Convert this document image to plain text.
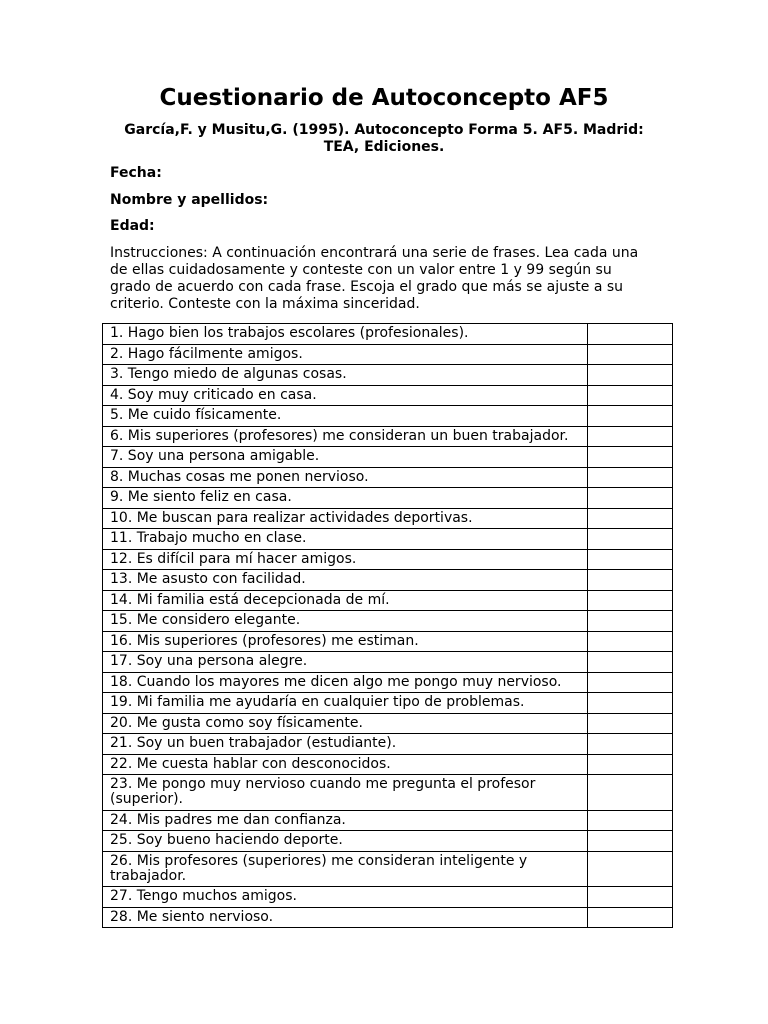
Cuestionario de Autoconcepto AF5
García,F. y Musitu,G. (1995). Autoconcepto Forma 5. AF5. Madrid: TEA, Ediciones.
Fecha:
Nombre y apellidos:
Edad:
Instrucciones: A continuación encontrará una serie de frases. Lea cada una de ellas cuidadosamente y conteste con un valor entre 1 y 99 según su grado de acuerdo con cada frase. Escoja el grado que más se ajuste a su criterio. Conteste con la máxima sinceridad.
1. Hago bien los trabajos escolares (profesionales).	
2. Hago fácilmente amigos.	
3. Tengo miedo de algunas cosas.	
4. Soy muy criticado en casa.	
5. Me cuido físicamente.	
6. Mis superiores (profesores) me consideran un buen trabajador.	
7. Soy una persona amigable.	
8. Muchas cosas me ponen nervioso.	
9. Me siento feliz en casa.	
10. Me buscan para realizar actividades deportivas.	
11. Trabajo mucho en clase.	
12. Es difícil para mí hacer amigos.	
13. Me asusto con facilidad.	
14. Mi familia está decepcionada de mí.	
15. Me considero elegante.	
16. Mis superiores (profesores) me estiman.	
17. Soy una persona alegre.	
18. Cuando los mayores me dicen algo me pongo muy nervioso.	
19. Mi familia me ayudaría en cualquier tipo de problemas.	
20. Me gusta como soy físicamente.	
21. Soy un buen trabajador (estudiante).	
22. Me cuesta hablar con desconocidos.	
23. Me pongo muy nervioso cuando me pregunta el profesor (superior).	
24. Mis padres me dan confianza.	
25. Soy bueno haciendo deporte.	
26. Mis profesores (superiores) me consideran inteligente y trabajador.	
27. Tengo muchos amigos.	
28. Me siento nervioso.	
